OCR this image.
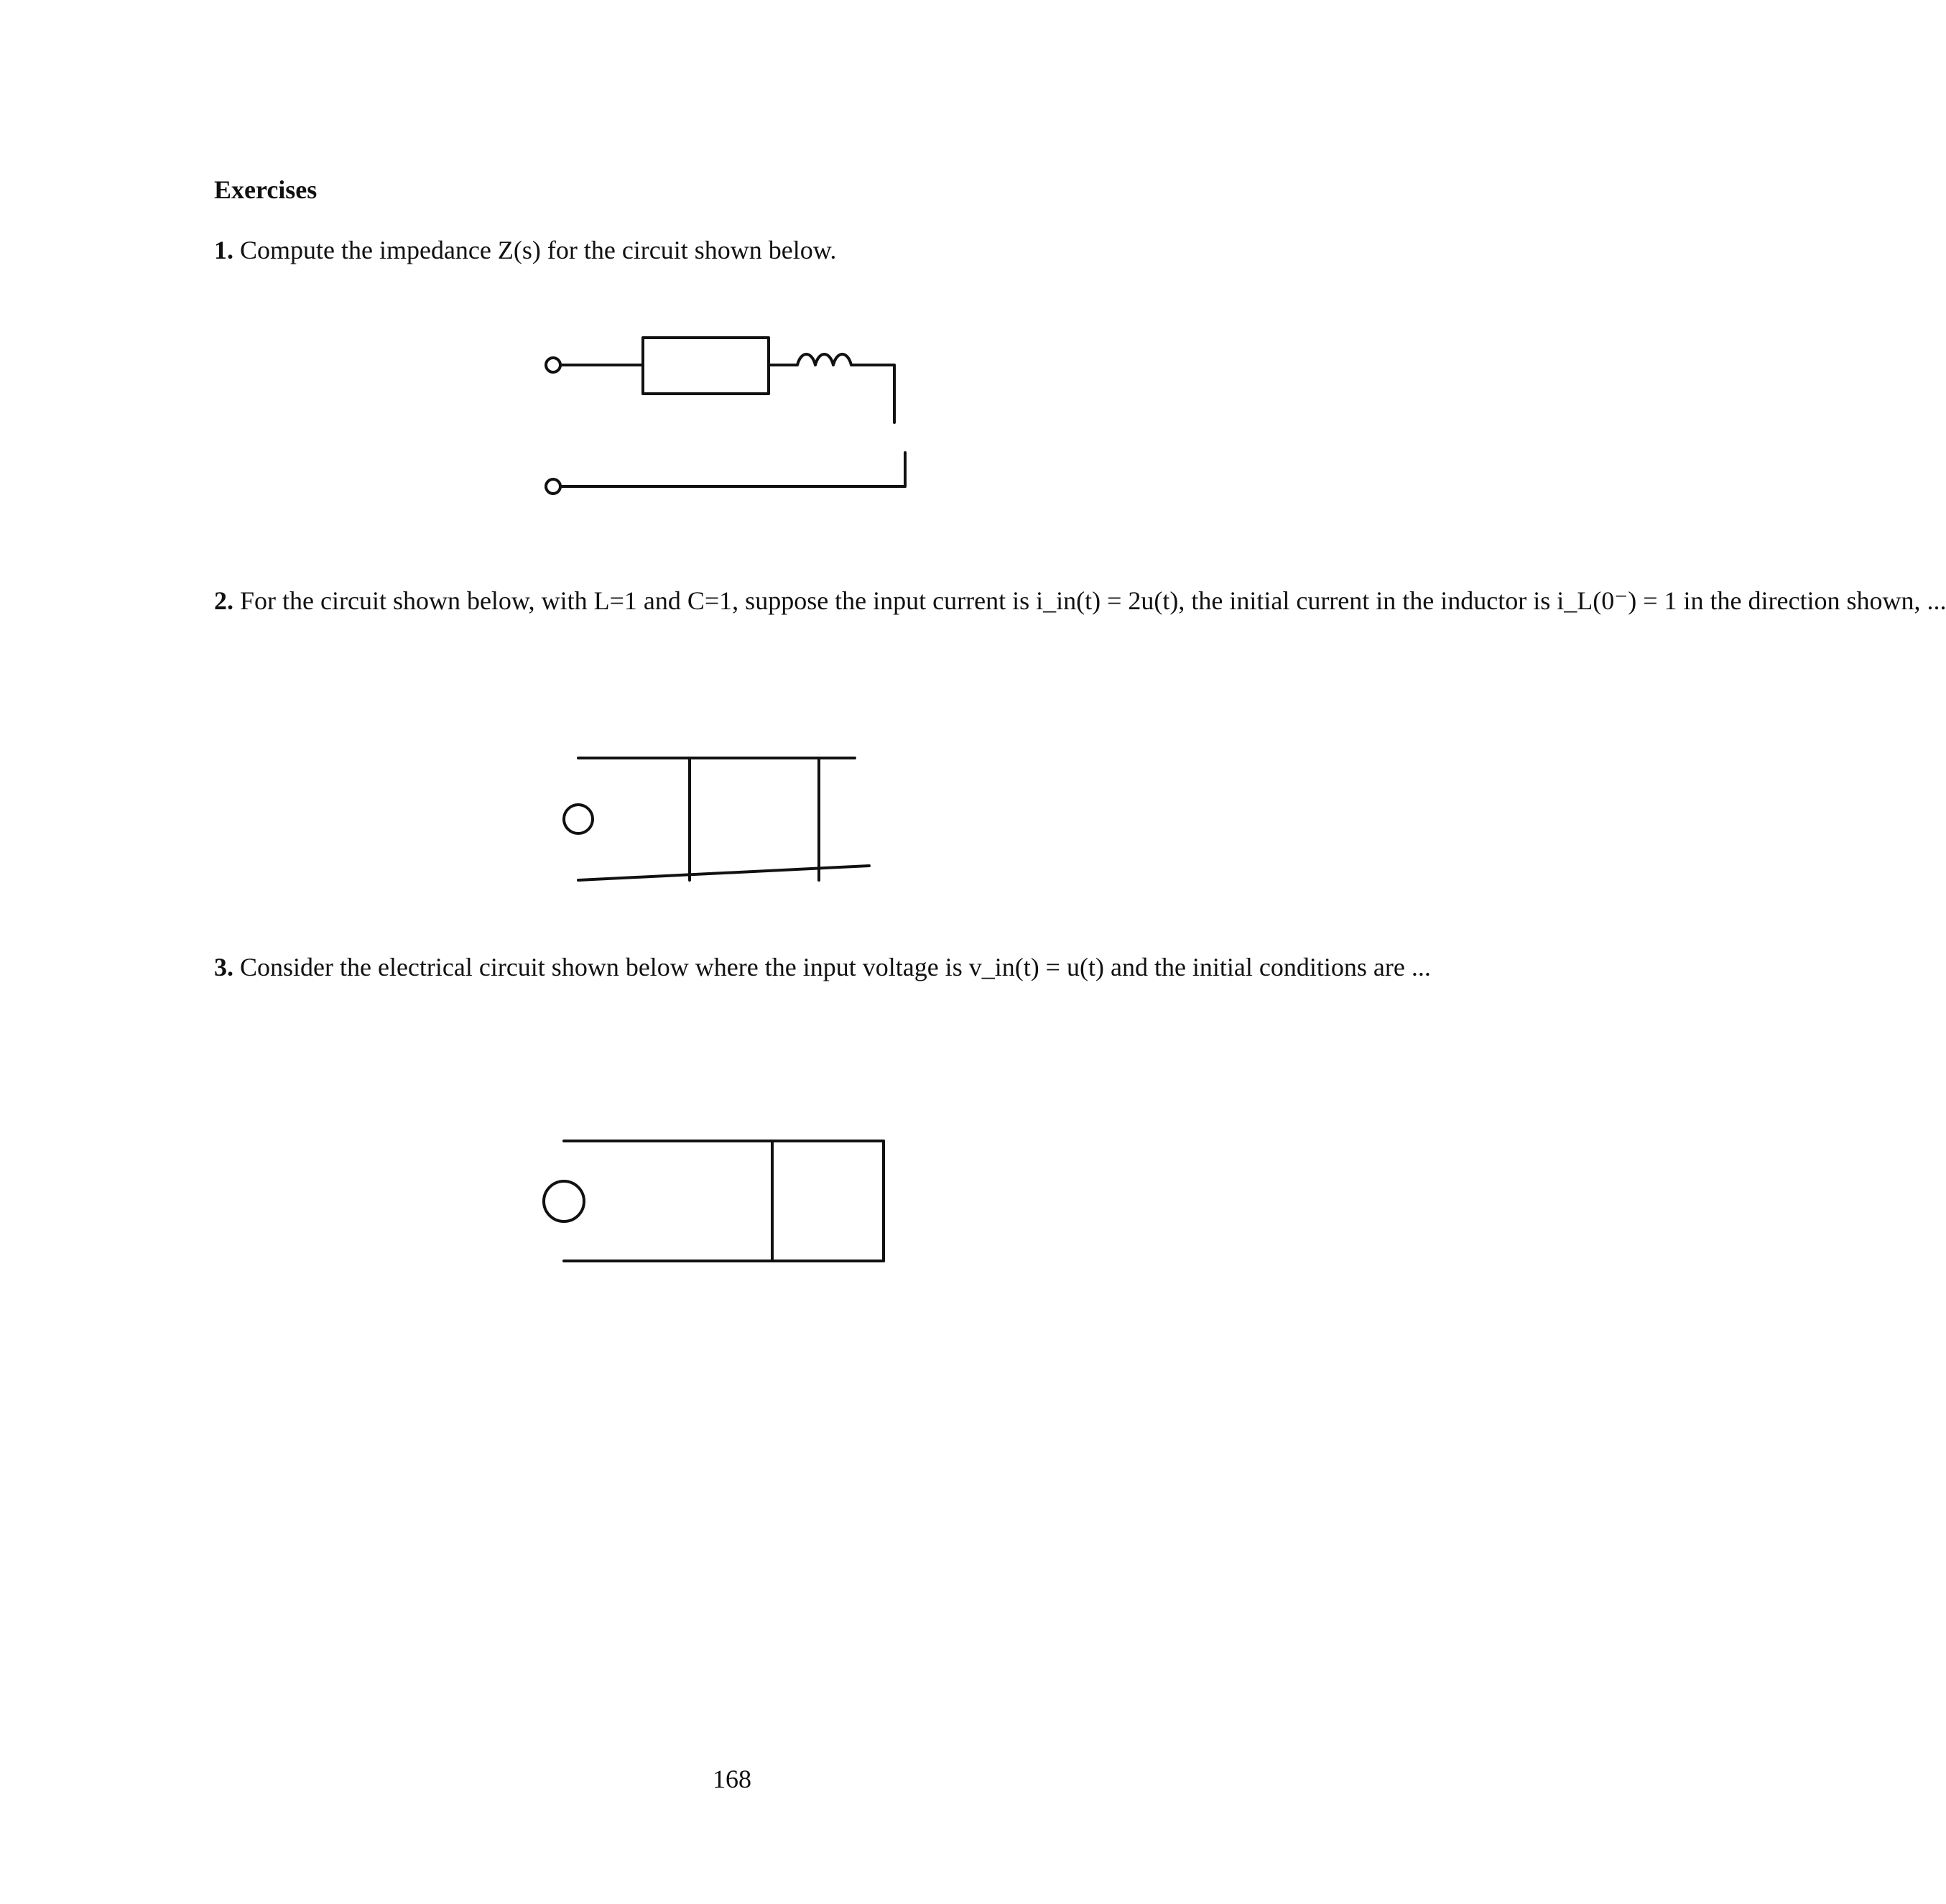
Exercises
1. Compute the impedance Z(s) for the circuit shown below.
2. For the circuit shown below, with L=1 and C=1, suppose the input current is i_in(t) = 2u(t), the initial current in the inductor is i_L(0⁻) = 1 in the direction shown, ...
3. Consider the electrical circuit shown below where the input voltage is v_in(t) = u(t) and the initial conditions are ...
168
